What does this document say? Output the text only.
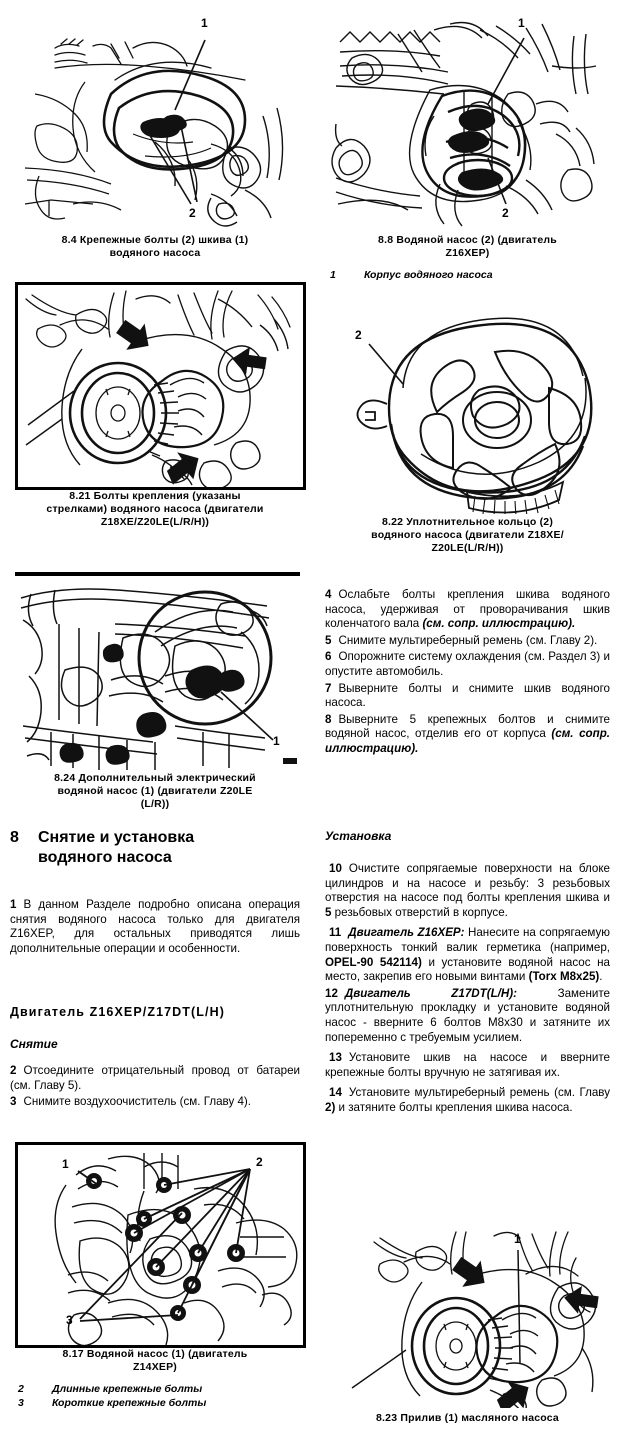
1
2
8.4 Крепежные болты (2) шкива (1)
водяного насоса
8.21 Болты крепления (указаны
стрелками) водяного насоса (двигатели
Z18XE/Z20LE(L/R/H))
1
8.24 Дополнительный электрический
водяной насос (1) (двигатели Z20LE
(L/R))
8	Снятие и установка
водяного насоса
1 В данном Разделе подробно описана операция снятия водяного насоса только для двигателя Z16XEP, для остальных приводятся лишь дополнительные операции и особенности.
Двигатель Z16XEP/Z17DT(L/H)
Снятие
2 Отсоедините отрицательный провод от батареи (см. Главу 5).
3 Снимите воздухоочиститель (см. Главу 4).
1	2
3
8.17 Водяной насос (1) (двигатель
Z14XEP)
2	Длинные крепежные болты
3	Короткие крепежные болты
1
2
8.8 Водяной насос (2) (двигатель
Z16XEP)
1	Корпус водяного насоса
2
8.22 Уплотнительное кольцо (2)
водяного насоса (двигатели Z18XE/
Z20LE(L/R/H))
4 Ослабьте болты крепления шкива водяного насоса, удерживая от проворачивания шкив коленчатого вала (см. сопр. иллюстрацию).
5 Снимите мультиреберный ремень (см. Главу 2).
6 Опорожните систему охлаждения (см. Раздел 3) и опустите автомобиль.
7 Выверните болты и снимите шкив водяного насоса.
8 Выверните 5 крепежных болтов и снимите водяной насос, отделив его от корпуса (см. сопр. иллюстрацию).
Установка
10 Очистите сопрягаемые поверхности на блоке цилиндров и на насосе и резьбу: 3 резьбовых отверстия на насосе под болты крепления шкива и 5 резьбовых отверстий в корпусе.
11 Двигатель Z16XEP: Нанесите на сопрягаемую поверхность тонкий валик герметика (например, OPEL-90 542114) и установите водяной насос на место, закрепив его новыми винтами (Torx M8x25).
12 Двигатель Z17DT(L/H): Замените уплотнительную прокладку и установите водяной насос - вверните 6 болтов M8x30 и затяните их попеременно с требуемым усилием.
13 Установите шкив на насосе и вверните крепежные болты вручную не затягивая их.
14 Установите мультиреберный ремень (см. Главу 2) и затяните болты крепления шкива насоса.
1
8.23 Прилив (1) масляного насоса
